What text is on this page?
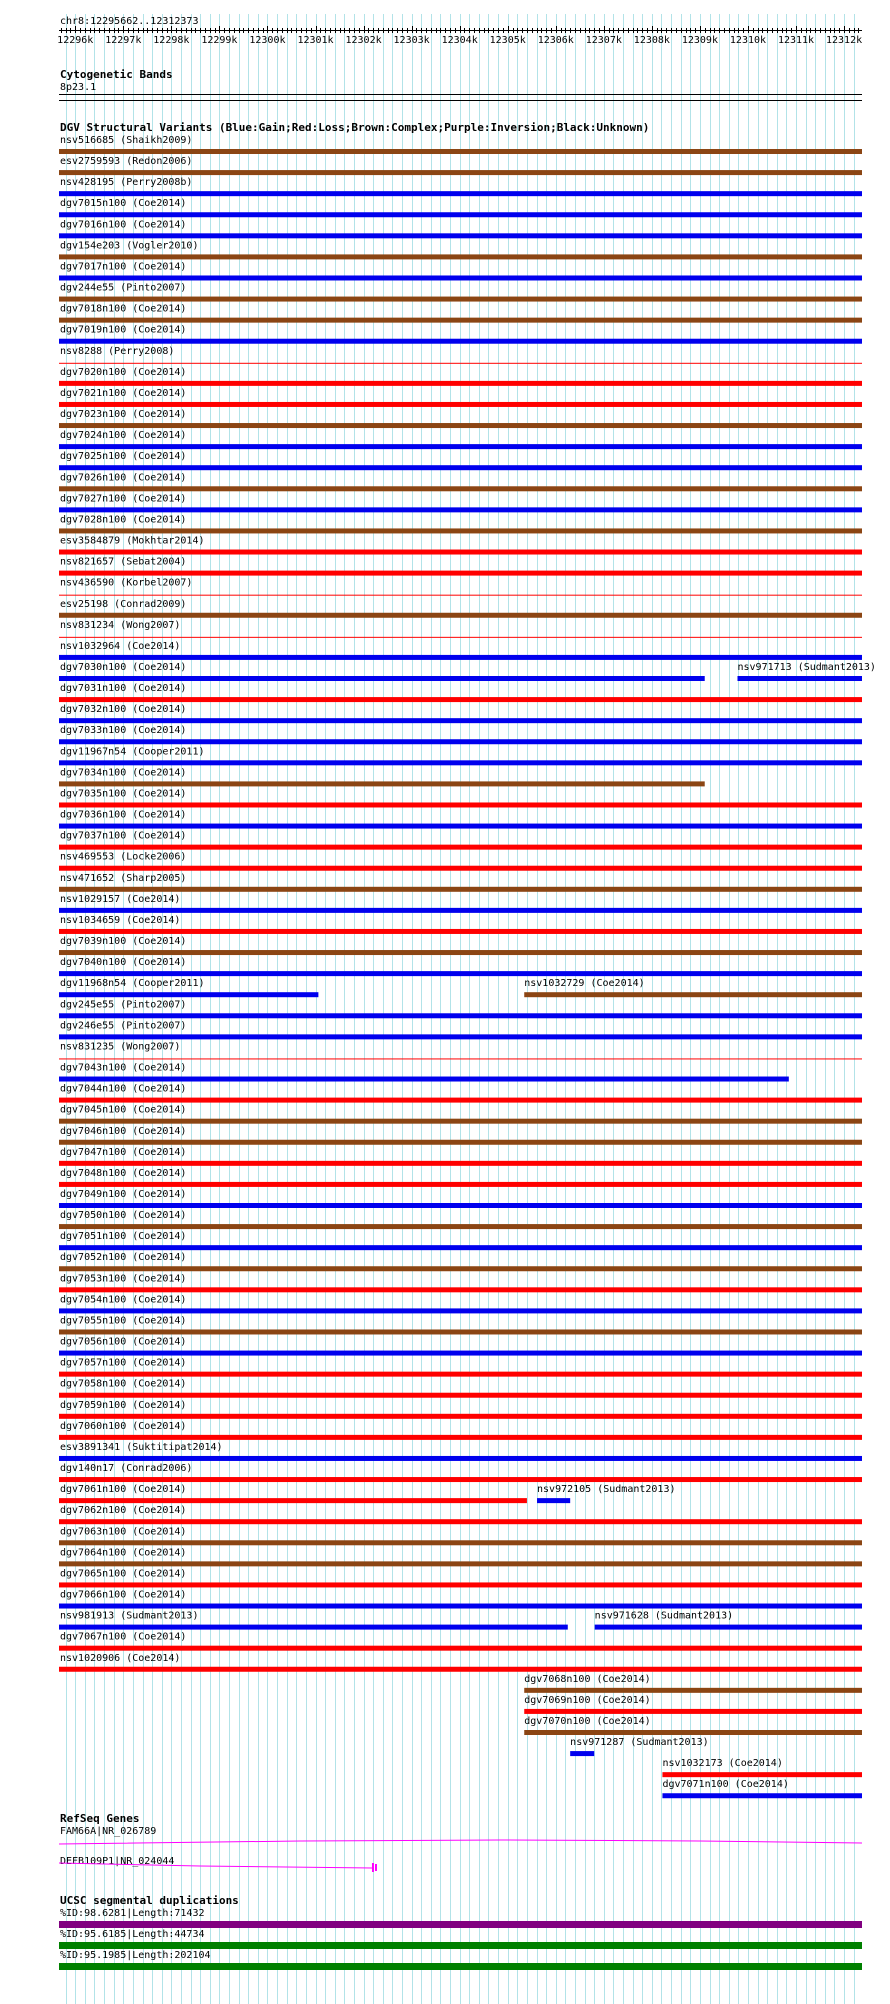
chr8:12295662..12312373
12296k 12297k 12298k 12299k 12300k 12301k 12302k 12303k 12304k 12305k 12306k 12307k 12308k 12309k 12310k 12311k 12312k
Cytogenetic Bands
8p23.1
DGV Structural Variants (Blue:Gain;Red:Loss;Brown:Complex;Purple:Inversion;Black:Unknown)
nsv516685 (Shaikh2009)
esv2759593 (Redon2006)
nsv428195 (Perry2008b)
dgv7015n100 (Coe2014)
dgv7016n100 (Coe2014)
dgv154e203 (Vogler2010)
dgv7017n100 (Coe2014)
dgv244e55 (Pinto2007)
dgv7018n100 (Coe2014)
dgv7019n100 (Coe2014)
nsv8288 (Perry2008)
dgv7020n100 (Coe2014)
dgv7021n100 (Coe2014)
dgv7023n100 (Coe2014)
dgv7024n100 (Coe2014)
dgv7025n100 (Coe2014)
dgv7026n100 (Coe2014)
dgv7027n100 (Coe2014)
dgv7028n100 (Coe2014)
esv3584879 (Mokhtar2014)
nsv821657 (Sebat2004)
nsv436590 (Korbel2007)
esv25198 (Conrad2009)
nsv831234 (Wong2007)
nsv1032964 (Coe2014)
dgv7030n100 (Coe2014)	nsv971713 (Sudmant2013)
dgv7031n100 (Coe2014)
dgv7032n100 (Coe2014)
dgv7033n100 (Coe2014)
dgv11967n54 (Cooper2011)
dgv7034n100 (Coe2014)
dgv7035n100 (Coe2014)
dgv7036n100 (Coe2014)
dgv7037n100 (Coe2014)
nsv469553 (Locke2006)
nsv471652 (Sharp2005)
nsv1029157 (Coe2014)
nsv1034659 (Coe2014)
dgv7039n100 (Coe2014)
dgv7040n100 (Coe2014)
dgv11968n54 (Cooper2011)	nsv1032729 (Coe2014)
dgv245e55 (Pinto2007)
dgv246e55 (Pinto2007)
nsv831235 (Wong2007)
dgv7043n100 (Coe2014)
dgv7044n100 (Coe2014)
dgv7045n100 (Coe2014)
dgv7046n100 (Coe2014)
dgv7047n100 (Coe2014)
dgv7048n100 (Coe2014)
dgv7049n100 (Coe2014)
dgv7050n100 (Coe2014)
dgv7051n100 (Coe2014)
dgv7052n100 (Coe2014)
dgv7053n100 (Coe2014)
dgv7054n100 (Coe2014)
dgv7055n100 (Coe2014)
dgv7056n100 (Coe2014)
dgv7057n100 (Coe2014)
dgv7058n100 (Coe2014)
dgv7059n100 (Coe2014)
dgv7060n100 (Coe2014)
esv3891341 (Suktitipat2014)
dgv140n17 (Conrad2006)
dgv7061n100 (Coe2014)	nsv972105 (Sudmant2013)
dgv7062n100 (Coe2014)
dgv7063n100 (Coe2014)
dgv7064n100 (Coe2014)
dgv7065n100 (Coe2014)
dgv7066n100 (Coe2014)
nsv981913 (Sudmant2013)	nsv971628 (Sudmant2013)
dgv7067n100 (Coe2014)
nsv1020906 (Coe2014)
dgv7068n100 (Coe2014)
dgv7069n100 (Coe2014)
dgv7070n100 (Coe2014)
nsv971287 (Sudmant2013)
nsv1032173 (Coe2014)
dgv7071n100 (Coe2014)
RefSeq Genes
FAM66A|NR_026789
DEFB109P1|NR_024044
UCSC segmental duplications
%ID:98.6281|Length:71432
%ID:95.6185|Length:44734
%ID:95.1985|Length:202104
